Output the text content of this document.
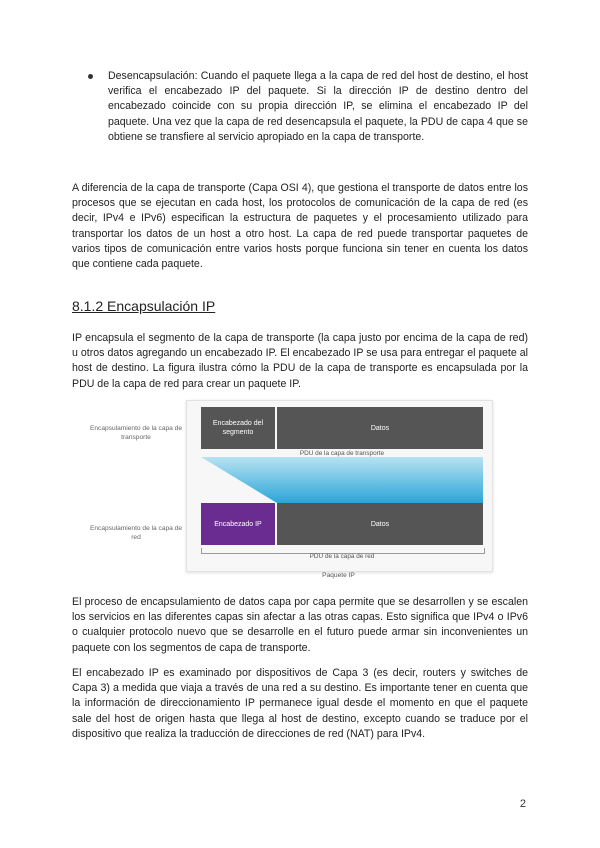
Desencapsulación: Cuando el paquete llega a la capa de red del host de destino, el host verifica el encabezado IP del paquete. Si la dirección IP de destino dentro del encabezado coincide con su propia dirección IP, se elimina el encabezado IP del paquete. Una vez que la capa de red desencapsula el paquete, la PDU de capa 4 que se obtiene se transfiere al servicio apropiado en la capa de transporte.

A diferencia de la capa de transporte (Capa OSI 4), que gestiona el transporte de datos entre los procesos que se ejecutan en cada host, los protocolos de comunicación de la capa de red (es decir, IPv4 e IPv6) especifican la estructura de paquetes y el procesamiento utilizado para transportar los datos de un host a otro host. La capa de red puede transportar paquetes de varios tipos de comunicación entre varios hosts porque funciona sin tener en cuenta los datos que contiene cada paquete.

8.1.2 Encapsulación IP

IP encapsula el segmento de la capa de transporte (la capa justo por encima de la capa de red) u otros datos agregando un encabezado IP. El encabezado IP se usa para entregar el paquete al host de destino. La figura ilustra cómo la PDU de la capa de transporte es encapsulada por la PDU de la capa de red para crear un paquete IP.

Encapsulamiento de la capa de transporte
Encapsulamiento de la capa de red
Encabezado del segmento
Datos
PDU de la capa de transporte
Encabezado IP	Datos
PDU de la capa de red
Paquete IP

El proceso de encapsulamiento de datos capa por capa permite que se desarrollen y se escalen los servicios en las diferentes capas sin afectar a las otras capas. Esto significa que IPv4 o IPv6 o cualquier protocolo nuevo que se desarrolle en el futuro puede armar sin inconvenientes un paquete con los segmentos de capa de transporte.

El encabezado IP es examinado por dispositivos de Capa 3 (es decir, routers y switches de Capa 3) a medida que viaja a través de una red a su destino. Es importante tener en cuenta que la información de direccionamiento IP permanece igual desde el momento en que el paquete sale del host de origen hasta que llega al host de destino, excepto cuando se traduce por el dispositivo que realiza la traducción de direcciones de red (NAT) para IPv4.

2
